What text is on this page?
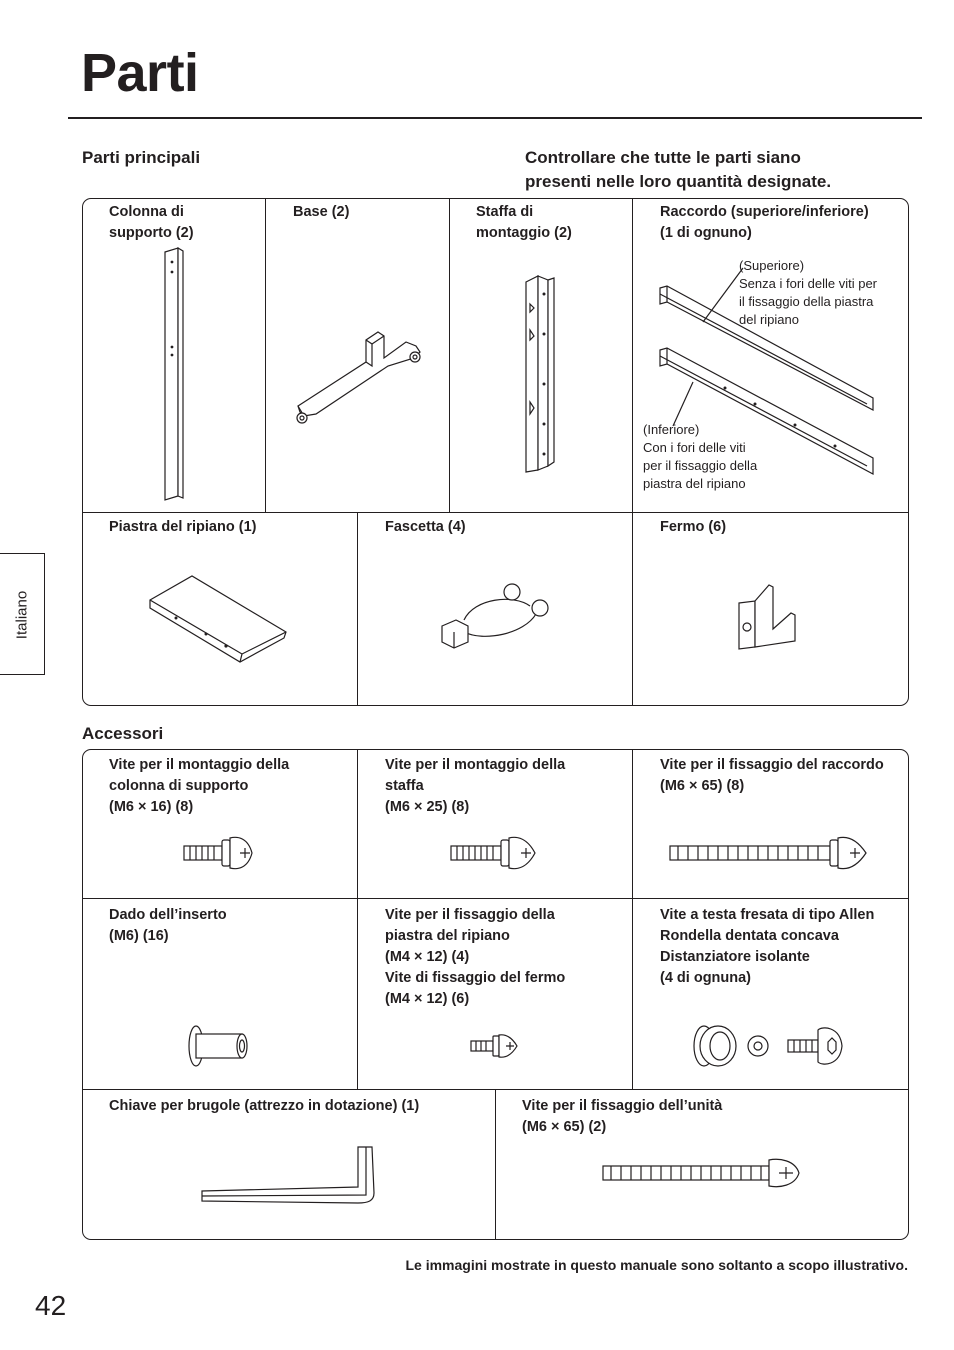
Parti
Italiano
Parti principali	Controllare che tutte le parti siano
presenti nelle loro quantità designate.
Colonna di
supporto (2)
Base (2)	Staffa di
montaggio (2)
Raccordo (superiore/inferiore)
(1 di ognuno)
(Superiore)
Senza i fori delle viti per
il fissaggio della piastra
del ripiano
(Inferiore)
Con i fori delle viti
per il fissaggio della
piastra del ripiano
Piastra del ripiano (1)	Fascetta (4)	Fermo (6)
Accessori
Vite per il montaggio della
colonna di supporto
(M6 × 16) (8)
Vite per il montaggio della
staffa
(M6 × 25) (8)
Vite per il fissaggio del raccordo
(M6 × 65) (8)
Dado dell’inserto
(M6) (16)
Vite per il fissaggio della
piastra del ripiano
(M4 × 12) (4)
Vite di fissaggio del fermo
(M4 × 12) (6)
Vite a testa fresata di tipo Allen
Rondella dentata concava
Distanziatore isolante
(4 di ognuna)
Chiave per brugole (attrezzo in dotazione) (1)	Vite per il fissaggio dell’unità
(M6 × 65) (2)
Le immagini mostrate in questo manuale sono soltanto a scopo illustrativo.
42
